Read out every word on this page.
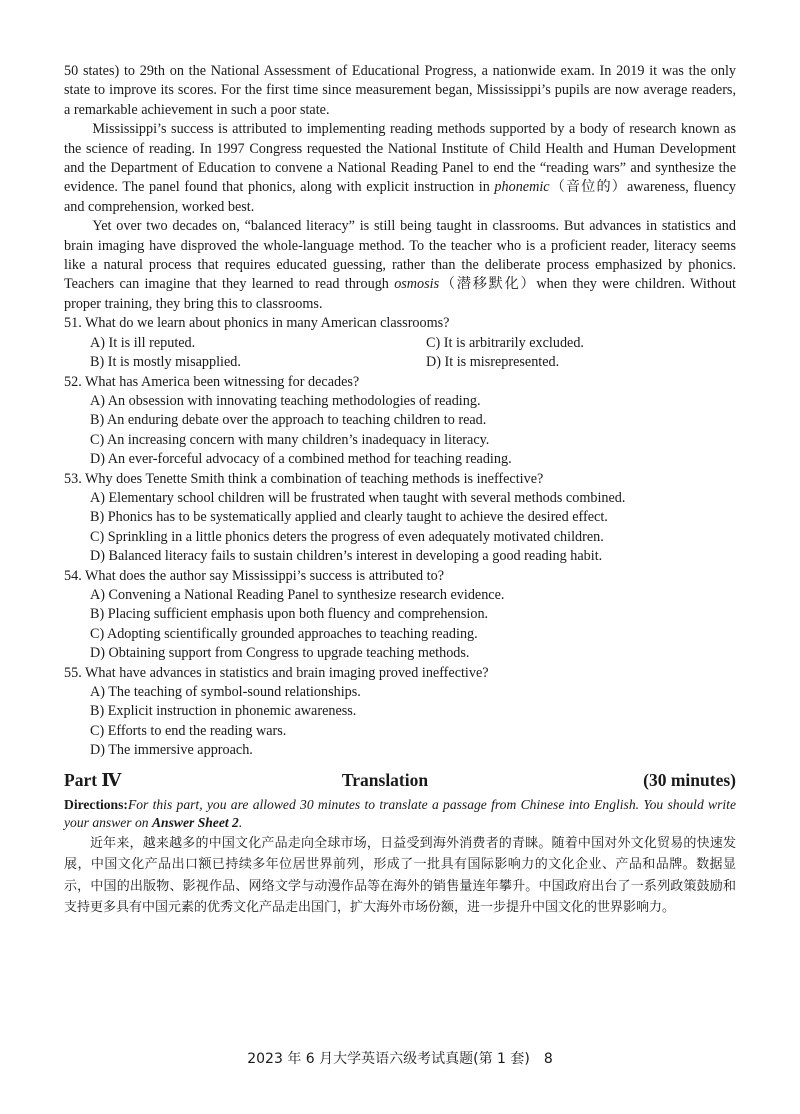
50 states) to 29th on the National Assessment of Educational Progress, a nationwide exam. In 2019 it was the only state to improve its scores. For the first time since measurement began, Mississippi’s pupils are now average readers, a remarkable achievement in such a poor state.

Mississippi’s success is attributed to implementing reading methods supported by a body of research known as the science of reading. In 1997 Congress requested the National Institute of Child Health and Human Development and the Department of Education to convene a National Reading Panel to end the “reading wars” and synthesize the evidence. The panel found that phonics, along with explicit instruction in phonemic（音位的）awareness, fluency and comprehension, worked best.

Yet over two decades on, “balanced literacy” is still being taught in classrooms. But advances in statistics and brain imaging have disproved the whole-language method. To the teacher who is a proficient reader, literacy seems like a natural process that requires educated guessing, rather than the deliberate process emphasized by phonics. Teachers can imagine that they learned to read through osmosis（潜移默化）when they were children. Without proper training, they bring this to classrooms.

51. What do we learn about phonics in many American classrooms?
A) It is ill reputed.	C) It is arbitrarily excluded.
B) It is mostly misapplied.	D) It is misrepresented.
52. What has America been witnessing for decades?
A) An obsession with innovating teaching methodologies of reading.
B) An enduring debate over the approach to teaching children to read.
C) An increasing concern with many children’s inadequacy in literacy.
D) An ever-forceful advocacy of a combined method for teaching reading.
53. Why does Tenette Smith think a combination of teaching methods is ineffective?
A) Elementary school children will be frustrated when taught with several methods combined.
B) Phonics has to be systematically applied and clearly taught to achieve the desired effect.
C) Sprinkling in a little phonics deters the progress of even adequately motivated children.
D) Balanced literacy fails to sustain children’s interest in developing a good reading habit.
54. What does the author say Mississippi’s success is attributed to?
A) Convening a National Reading Panel to synthesize research evidence.
B) Placing sufficient emphasis upon both fluency and comprehension.
C) Adopting scientifically grounded approaches to teaching reading.
D) Obtaining support from Congress to upgrade teaching methods.
55. What have advances in statistics and brain imaging proved ineffective?
A) The teaching of symbol-sound relationships.
B) Explicit instruction in phonemic awareness.
C) Efforts to end the reading wars.
D) The immersive approach.
Part Ⅳ	Translation	(30 minutes)
Directions:For this part, you are allowed 30 minutes to translate a passage from Chinese into English. You should write your answer on Answer Sheet 2.
近年来，越来越多的中国文化产品走向全球市场，日益受到海外消费者的青睐。随着中国对外文化贸易的快速发展，中国文化产品出口额已持续多年位居世界前列，形成了一批具有国际影响力的文化企业、产品和品牌。数据显示，中国的出版物、影视作品、网络文学与动漫作品等在海外的销售量连年攀升。中国政府出台了一系列政策鼓励和支持更多具有中国元素的优秀文化产品走出国门，扩大海外市场份额，进一步提升中国文化的世界影响力。
2023 年 6 月大学英语六级考试真题(第 1 套)　8
